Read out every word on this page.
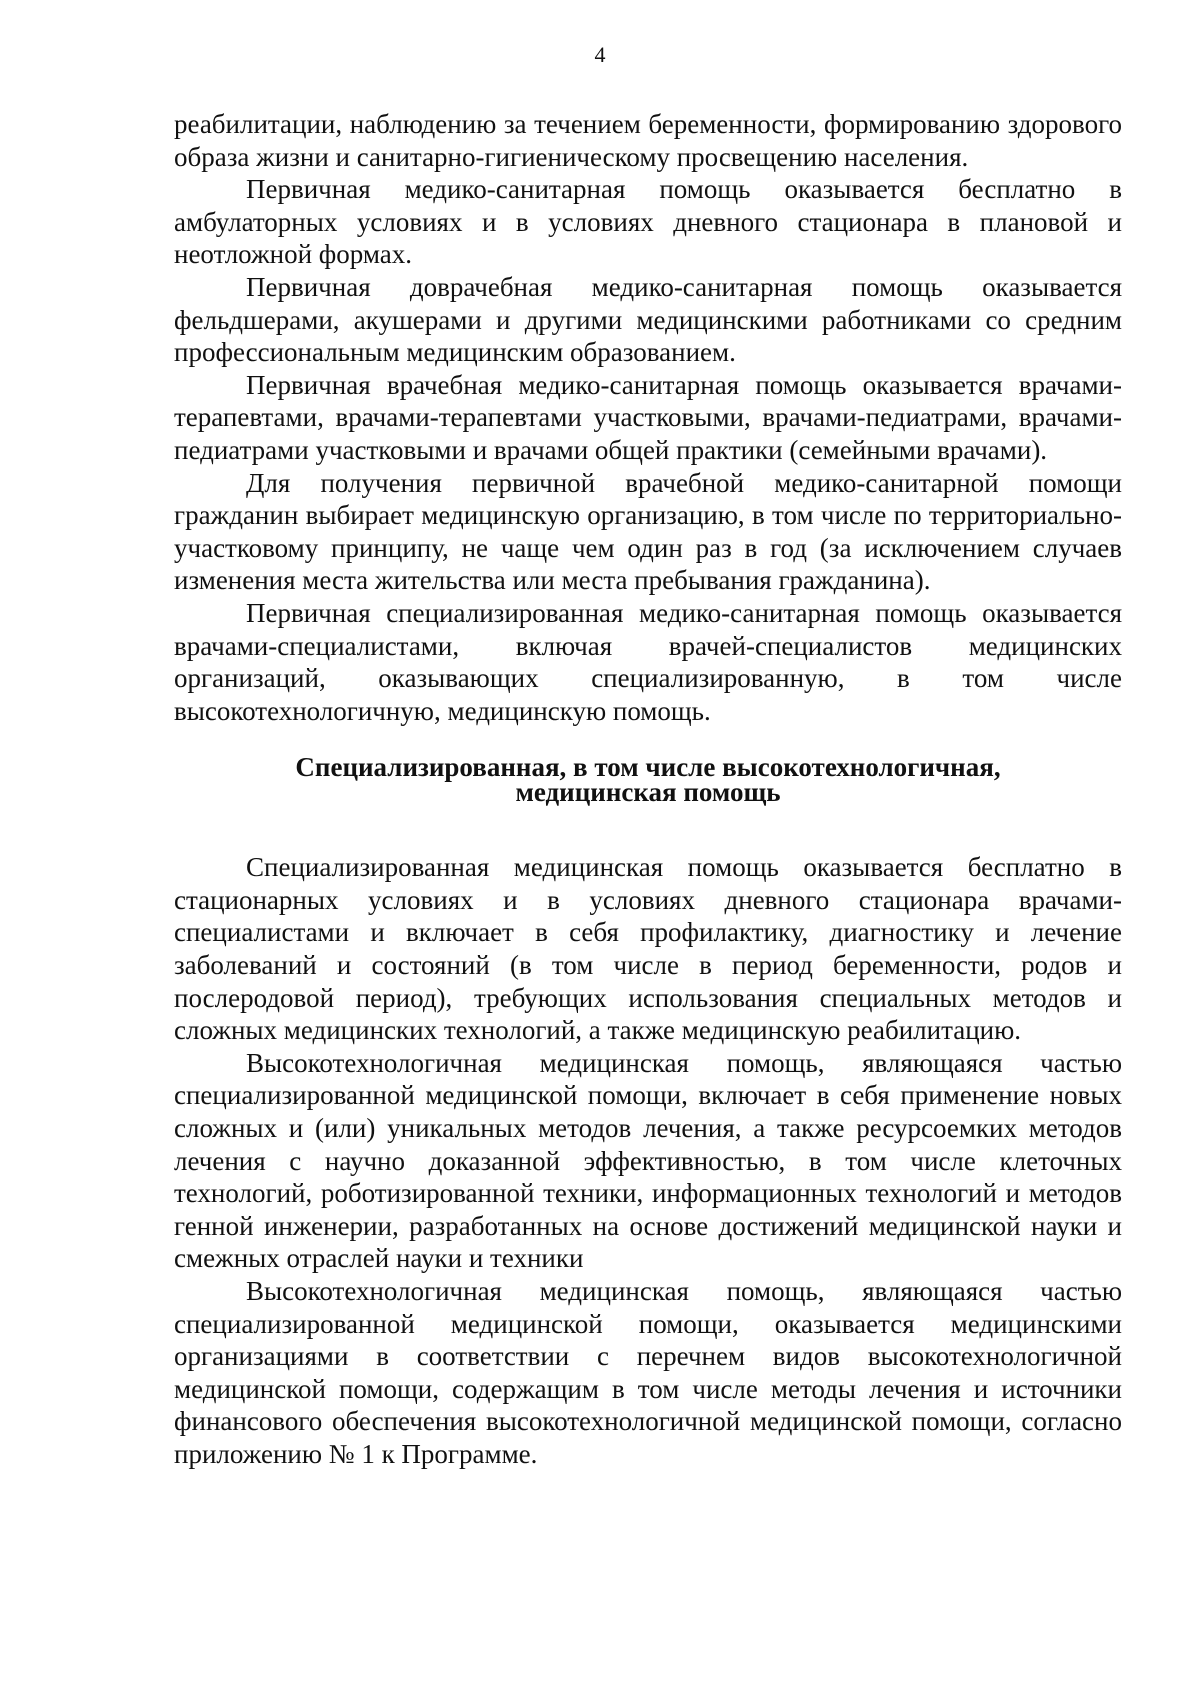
4

реабилитации, наблюдению за течением беременности, формированию здорового образа жизни и санитарно-гигиеническому просвещению населения.

Первичная медико-санитарная помощь оказывается бесплатно в амбулаторных условиях и в условиях дневного стационара в плановой и неотложной формах.

Первичная доврачебная медико-санитарная помощь оказывается фельдшерами, акушерами и другими медицинскими работниками со средним профессиональным медицинским образованием.

Первичная врачебная медико-санитарная помощь оказывается врачами-терапевтами, врачами-терапевтами участковыми, врачами-педиатрами, врачами-педиатрами участковыми и врачами общей практики (семейными врачами).

Для получения первичной врачебной медико-санитарной помощи гражданин выбирает медицинскую организацию, в том числе по территориально-участковому принципу, не чаще чем один раз в год (за исключением случаев изменения места жительства или места пребывания гражданина).

Первичная специализированная медико-санитарная помощь оказывается врачами-специалистами, включая врачей-специалистов медицинских организаций, оказывающих специализированную, в том числе высокотехнологичную, медицинскую помощь.

Специализированная, в том числе высокотехнологичная,
медицинская помощь

Специализированная медицинская помощь оказывается бесплатно в стационарных условиях и в условиях дневного стационара врачами-специалистами и включает в себя профилактику, диагностику и лечение заболеваний и состояний (в том числе в период беременности, родов и послеродовой период), требующих использования специальных методов и сложных медицинских технологий, а также медицинскую реабилитацию.

Высокотехнологичная медицинская помощь, являющаяся частью специализированной медицинской помощи, включает в себя применение новых сложных и (или) уникальных методов лечения, а также ресурсоемких методов лечения с научно доказанной эффективностью, в том числе клеточных технологий, роботизированной техники, информационных технологий и методов генной инженерии, разработанных на основе достижений медицинской науки и смежных отраслей науки и техники

Высокотехнологичная медицинская помощь, являющаяся частью специализированной медицинской помощи, оказывается медицинскими организациями в соответствии с перечнем видов высокотехнологичной медицинской помощи, содержащим в том числе методы лечения и источники финансового обеспечения высокотехнологичной медицинской помощи, согласно приложению № 1 к Программе.
